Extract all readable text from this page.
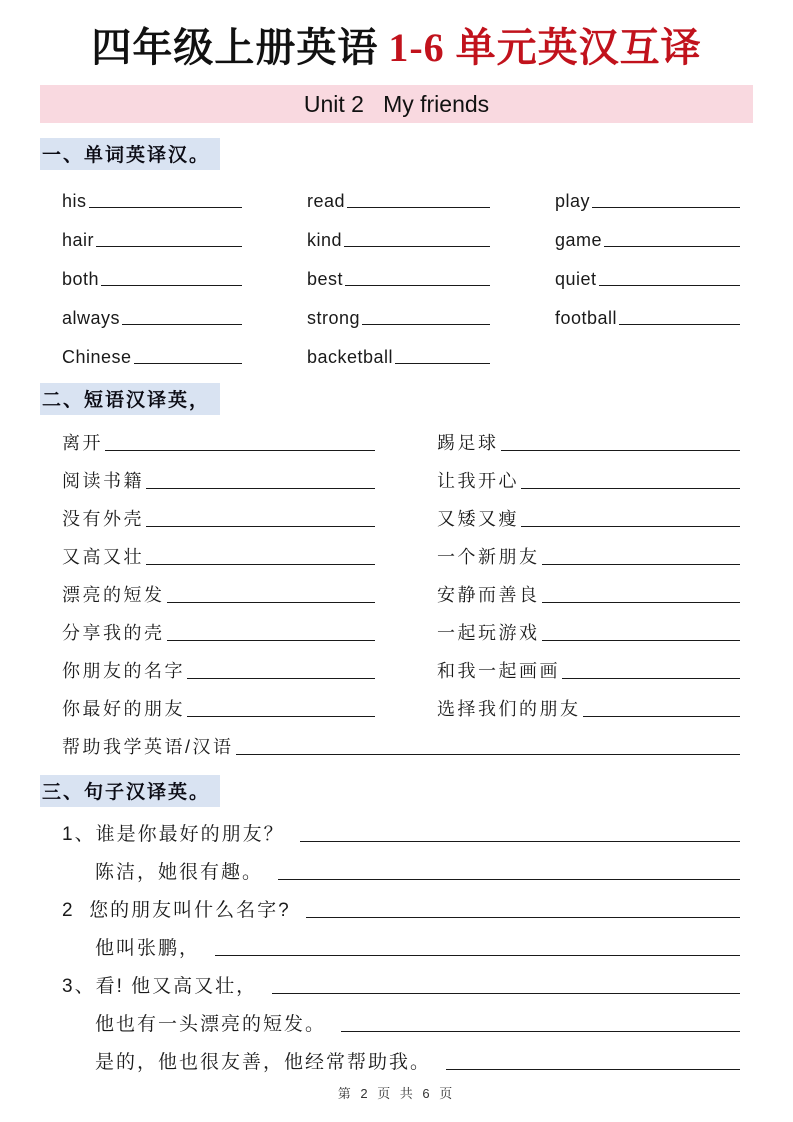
四年级上册英语 1-6 单元英汉互译
Unit 2   My friends
一、单词英译汉。
his	read	play
hair	kind	game
both	best	quiet
always	strong	football
Chinese	backetball
二、短语汉译英，
离开	踢足球
阅读书籍	让我开心
没有外壳	又矮又瘦
又高又壮	一个新朋友
漂亮的短发	安静而善良
分享我的壳	一起玩游戏
你朋友的名字	和我一起画画
你最好的朋友	选择我们的朋友
帮助我学英语/汉语
三、句子汉译英。
1、谁是你最好的朋友？
陈洁，她很有趣。
2  您的朋友叫什么名字?
他叫张鹏，
3、看! 他又高又壮，
他也有一头漂亮的短发。
是的，他也很友善，他经常帮助我。
第 2 页 共 6 页
